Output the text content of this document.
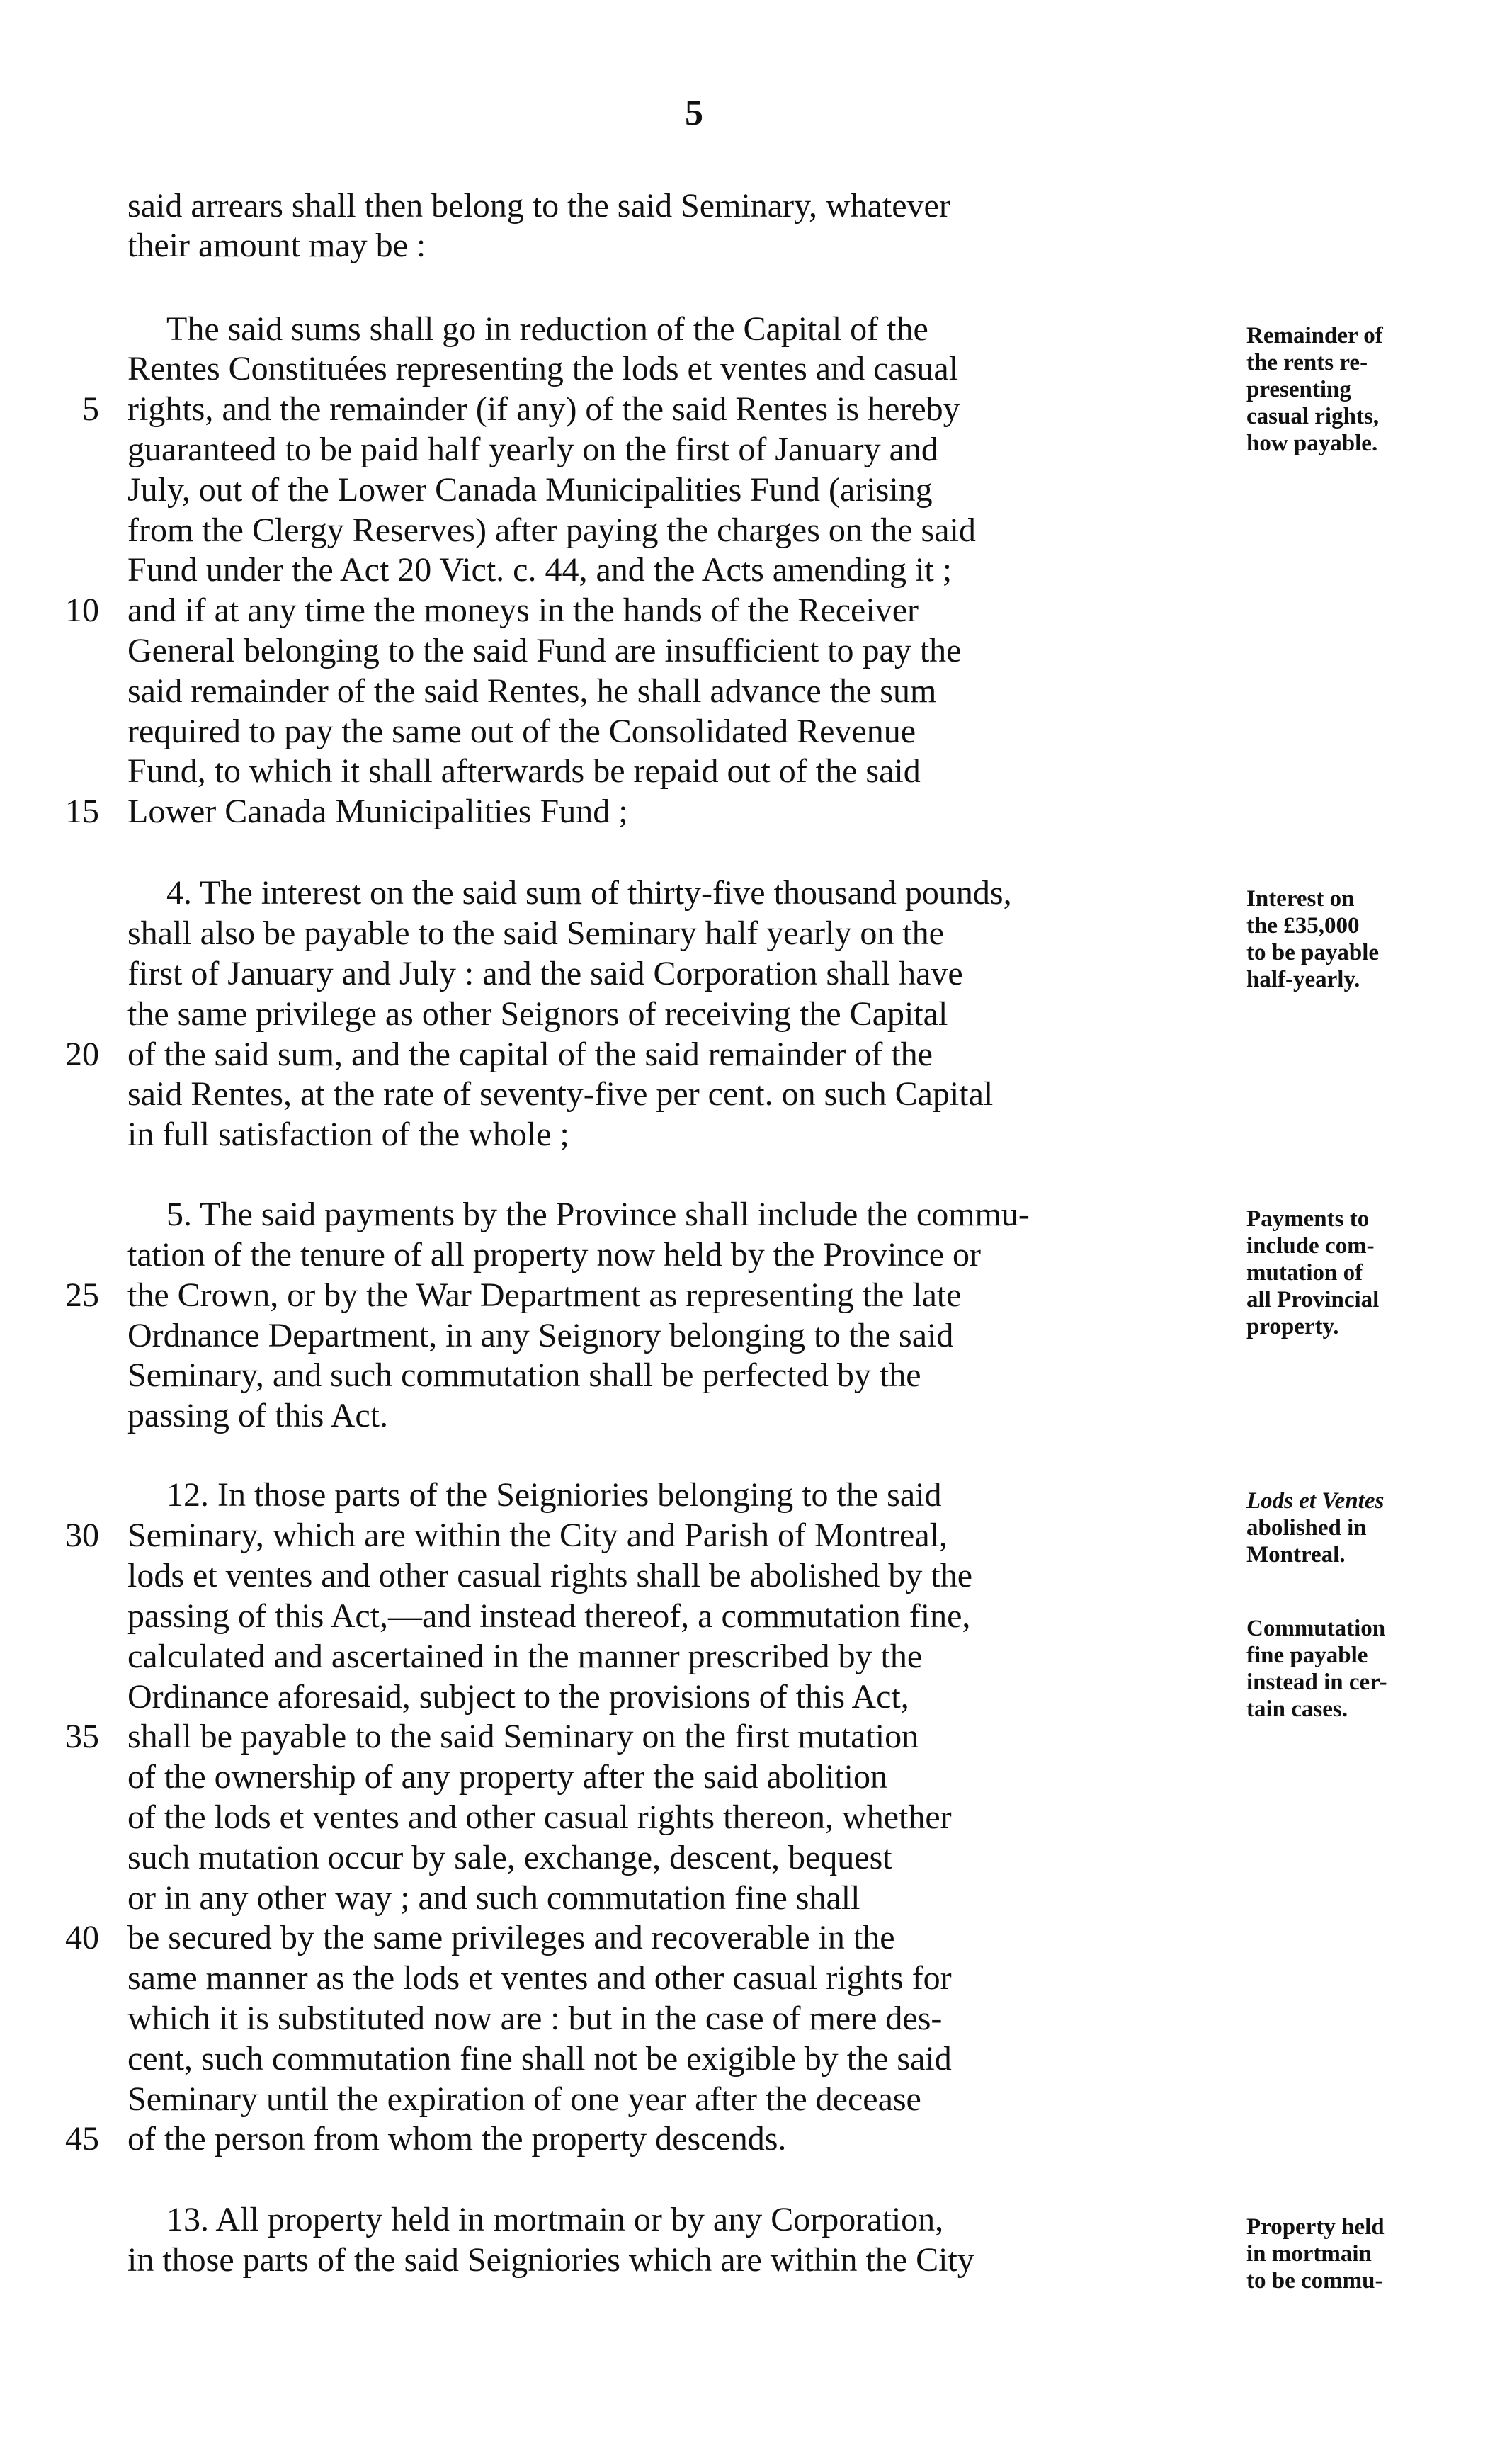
5
said arrears shall then belong to the said Seminary, whatever
their amount may be :
The said sums shall go in reduction of the Capital of the
Rentes Constituées representing the lods et ventes and casual
rights, and the remainder (if any) of the said Rentes is hereby
guaranteed to be paid half yearly on the first of January and
July, out of the Lower Canada Municipalities Fund (arising
from the Clergy Reserves) after paying the charges on the said
Fund under the Act 20 Vict. c. 44, and the Acts amending it ;
and if at any time the moneys in the hands of the Receiver
General belonging to the said Fund are insufficient to pay the
said remainder of the said Rentes, he shall advance the sum
required to pay the same out of the Consolidated Revenue
Fund, to which it shall afterwards be repaid out of the said
Lower Canada Municipalities Fund ;
4. The interest on the said sum of thirty-five thousand pounds,
shall also be payable to the said Seminary half yearly on the
first of January and July : and the said Corporation shall have
the same privilege as other Seignors of receiving the Capital
of the said sum, and the capital of the said remainder of the
said Rentes, at the rate of seventy-five per cent. on such Capital
in full satisfaction of the whole ;
5. The said payments by the Province shall include the commu-
tation of the tenure of all property now held by the Province or
the Crown, or by the War Department as representing the late
Ordnance Department, in any Seignory belonging to the said
Seminary, and such commutation shall be perfected by the
passing of this Act.
12. In those parts of the Seigniories belonging to the said
Seminary, which are within the City and Parish of Montreal,
lods et ventes and other casual rights shall be abolished by the
passing of this Act,—and instead thereof, a commutation fine,
calculated and ascertained in the manner prescribed by the
Ordinance aforesaid, subject to the provisions of this Act,
shall be payable to the said Seminary on the first mutation
of the ownership of any property after the said abolition
of the lods et ventes and other casual rights thereon, whether
such mutation occur by sale, exchange, descent, bequest
or in any other way ; and such commutation fine shall
be secured by the same privileges and recoverable in the
same manner as the lods et ventes and other casual rights for
which it is substituted now are : but in the case of mere des-
cent, such commutation fine shall not be exigible by the said
Seminary until the expiration of one year after the decease
of the person from whom the property descends.
13. All property held in mortmain or by any Corporation,
in those parts of the said Seigniories which are within the City
5
10
15
20
25
30
35
40
45
Remainder of
the rents re-
presenting
casual rights,
how payable.
Interest on
the £35,000
to be payable
half-yearly.
Payments to
include com-
mutation of
all Provincial
property.
Lods et Ventes
abolished in
Montreal.
Commutation
fine payable
instead in cer-
tain cases.
Property held
in mortmain
to be commu-
